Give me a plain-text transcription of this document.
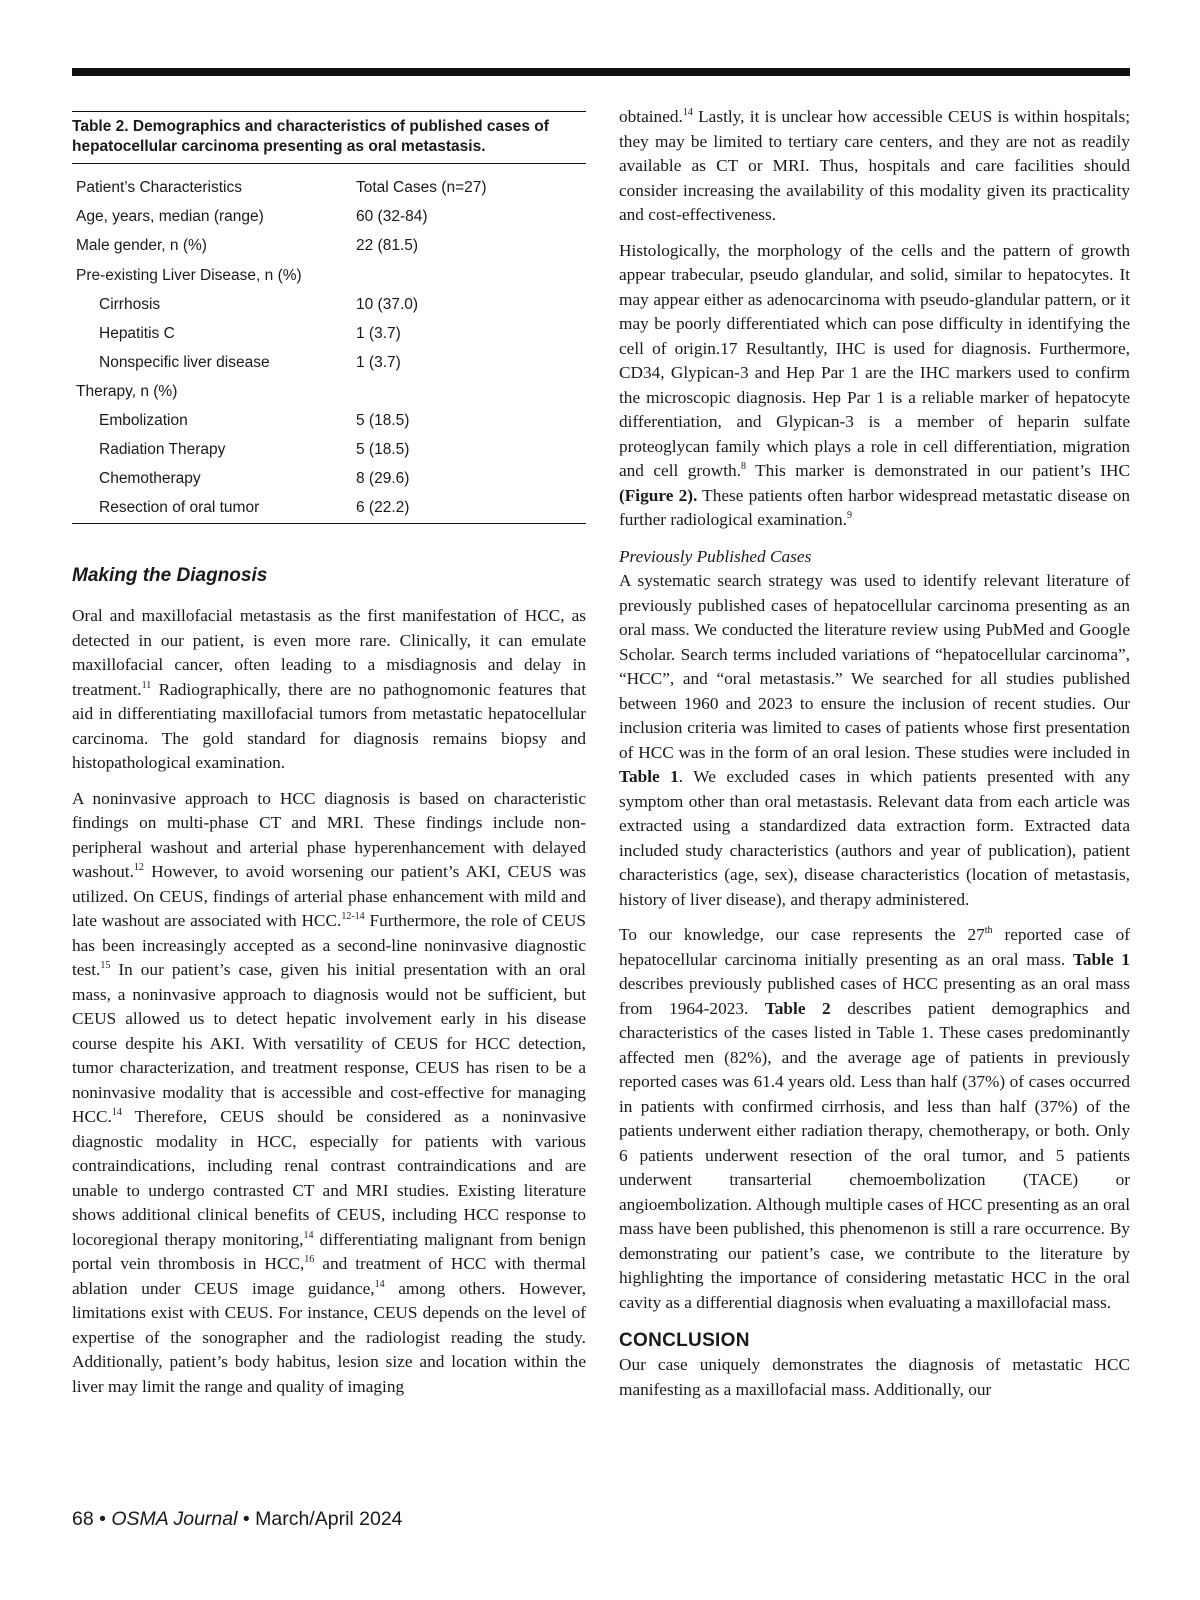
Table 2. Demographics and characteristics of published cases of hepatocellular carcinoma presenting as oral metastasis.
Patient’s Characteristics	Total Cases (n=27)
Age, years, median (range)	60 (32-84)
Male gender, n (%)	22 (81.5)
Pre-existing Liver Disease, n (%)	
Cirrhosis	10 (37.0)
Hepatitis C	1 (3.7)
Nonspecific liver disease	1 (3.7)
Therapy, n (%)	
Embolization	5 (18.5)
Radiation Therapy	5 (18.5)
Chemotherapy	8 (29.6)
Resection of oral tumor	6 (22.2)
Making the Diagnosis

Oral and maxillofacial metastasis as the first manifestation of HCC, as detected in our patient, is even more rare. Clinically, it can emulate maxillofacial cancer, often leading to a misdiagnosis and delay in treatment.$^{11}$ Radiographically, there are no pathognomonic features that aid in differentiating maxillofacial tumors from metastatic hepatocellular carcinoma. The gold standard for diagnosis remains biopsy and histopathological examination.

A noninvasive approach to HCC diagnosis is based on characteristic findings on multi-phase CT and MRI. These findings include non-peripheral washout and arterial phase hyperenhancement with delayed washout.$^{12}$ However, to avoid worsening our patient’s AKI, CEUS was utilized. On CEUS, findings of arterial phase enhancement with mild and late washout are associated with HCC.$^{12-14}$ Furthermore, the role of CEUS has been increasingly accepted as a second-line noninvasive diagnostic test.$^{15}$ In our patient’s case, given his initial presentation with an oral mass, a noninvasive approach to diagnosis would not be sufficient, but CEUS allowed us to detect hepatic involvement early in his disease course despite his AKI. With versatility of CEUS for HCC detection, tumor characterization, and treatment response, CEUS has risen to be a noninvasive modality that is accessible and cost-effective for managing HCC.$^{14}$ Therefore, CEUS should be considered as a noninvasive diagnostic modality in HCC, especially for patients with various contraindications, including renal contrast contraindications and are unable to undergo contrasted CT and MRI studies. Existing literature shows additional clinical benefits of CEUS, including HCC response to locoregional therapy monitoring,$^{14}$ differentiating malignant from benign portal vein thrombosis in HCC,$^{16}$ and treatment of HCC with thermal ablation under CEUS image guidance,$^{14}$ among others. However, limitations exist with CEUS. For instance, CEUS depends on the level of expertise of the sonographer and the radiologist reading the study. Additionally, patient’s body habitus, lesion size and location within the liver may limit the range and quality of imaging

obtained.$^{14}$ Lastly, it is unclear how accessible CEUS is within hospitals; they may be limited to tertiary care centers, and they are not as readily available as CT or MRI. Thus, hospitals and care facilities should consider increasing the availability of this modality given its practicality and cost-effectiveness.

Histologically, the morphology of the cells and the pattern of growth appear trabecular, pseudo glandular, and solid, similar to hepatocytes. It may appear either as adenocarcinoma with pseudo-glandular pattern, or it may be poorly differentiated which can pose difficulty in identifying the cell of origin.17 Resultantly, IHC is used for diagnosis. Furthermore, CD34, Glypican-3 and Hep Par 1 are the IHC markers used to confirm the microscopic diagnosis. Hep Par 1 is a reliable marker of hepatocyte differentiation, and Glypican-3 is a member of heparin sulfate proteoglycan family which plays a role in cell differentiation, migration and cell growth.$^8$ This marker is demonstrated in our patient’s IHC (Figure 2). These patients often harbor widespread metastatic disease on further radiological examination.$^9$

Previously Published Cases

A systematic search strategy was used to identify relevant literature of previously published cases of hepatocellular carcinoma presenting as an oral mass. We conducted the literature review using PubMed and Google Scholar. Search terms included variations of “hepatocellular carcinoma”, “HCC”, and “oral metastasis.” We searched for all studies published between 1960 and 2023 to ensure the inclusion of recent studies. Our inclusion criteria was limited to cases of patients whose first presentation of HCC was in the form of an oral lesion. These studies were included in Table 1. We excluded cases in which patients presented with any symptom other than oral metastasis. Relevant data from each article was extracted using a standardized data extraction form. Extracted data included study characteristics (authors and year of publication), patient characteristics (age, sex), disease characteristics (location of metastasis, history of liver disease), and therapy administered.

To our knowledge, our case represents the 27th reported case of hepatocellular carcinoma initially presenting as an oral mass. Table 1 describes previously published cases of HCC presenting as an oral mass from 1964-2023. Table 2 describes patient demographics and characteristics of the cases listed in Table 1. These cases predominantly affected men (82%), and the average age of patients in previously reported cases was 61.4 years old. Less than half (37%) of cases occurred in patients with confirmed cirrhosis, and less than half (37%) of the patients underwent either radiation therapy, chemotherapy, or both. Only 6 patients underwent resection of the oral tumor, and 5 patients underwent transarterial chemoembolization (TACE) or angioembolization. Although multiple cases of HCC presenting as an oral mass have been published, this phenomenon is still a rare occurrence. By demonstrating our patient’s case, we contribute to the literature by highlighting the importance of considering metastatic HCC in the oral cavity as a differential diagnosis when evaluating a maxillofacial mass.

CONCLUSION

Our case uniquely demonstrates the diagnosis of metastatic HCC manifesting as a maxillofacial mass. Additionally, our

68 • OSMA Journal • March/April 2024
